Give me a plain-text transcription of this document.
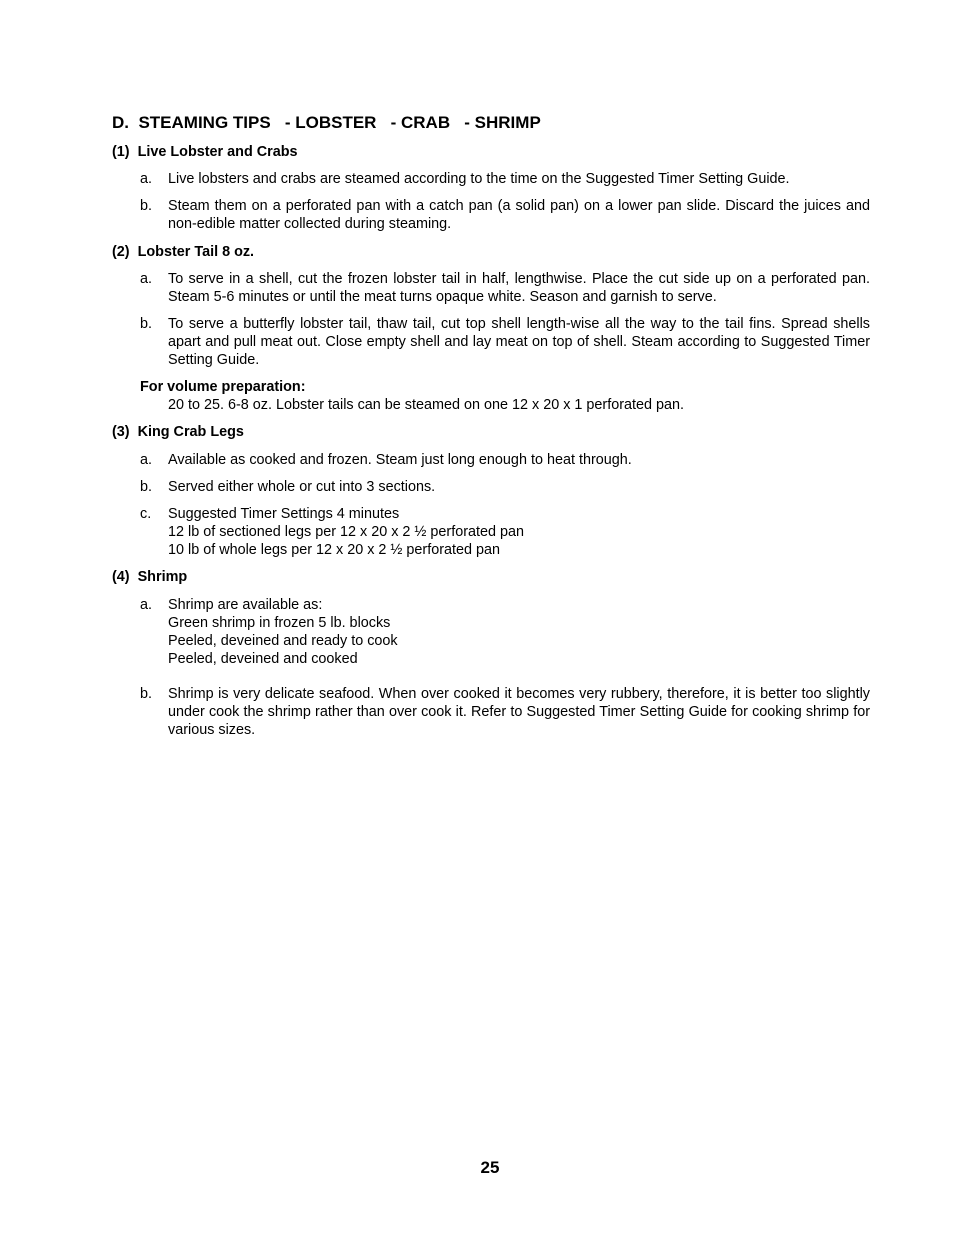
D.  STEAMING TIPS   - LOBSTER   - CRAB   - SHRIMP
(1)  Live Lobster and Crabs
a. Live lobsters and crabs are steamed according to the time on the Suggested Timer Setting Guide.
b. Steam them on a perforated pan with a catch pan (a solid pan) on a lower pan slide. Discard the juices and non-edible matter collected during steaming.
(2)  Lobster Tail 8 oz.
a. To serve in a shell, cut the frozen lobster tail in half, lengthwise. Place the cut side up on a perforated pan. Steam 5-6 minutes or until the meat turns opaque white. Season and garnish to serve.
b. To serve a butterfly lobster tail, thaw tail, cut top shell length-wise all the way to the tail fins. Spread shells apart and pull meat out. Close empty shell and lay meat on top of shell. Steam according to Suggested Timer Setting Guide.
For volume preparation:
20 to 25. 6-8 oz. Lobster tails can be steamed on one 12 x 20 x 1 perforated pan.
(3)  King Crab Legs
a. Available as cooked and frozen. Steam just long enough to heat through.
b. Served either whole or cut into 3 sections.
c. Suggested Timer Settings 4 minutes
12 lb of sectioned legs per 12 x 20 x 2 ½ perforated pan
10 lb of whole legs per 12 x 20 x 2 ½ perforated pan
(4)  Shrimp
a. Shrimp are available as:
Green shrimp in frozen 5 lb. blocks
Peeled, deveined and ready to cook
Peeled, deveined and cooked
b. Shrimp is very delicate seafood. When over cooked it becomes very rubbery, therefore, it is better too slightly under cook the shrimp rather than over cook it. Refer to Suggested Timer Setting Guide for cooking shrimp for various sizes.
25
